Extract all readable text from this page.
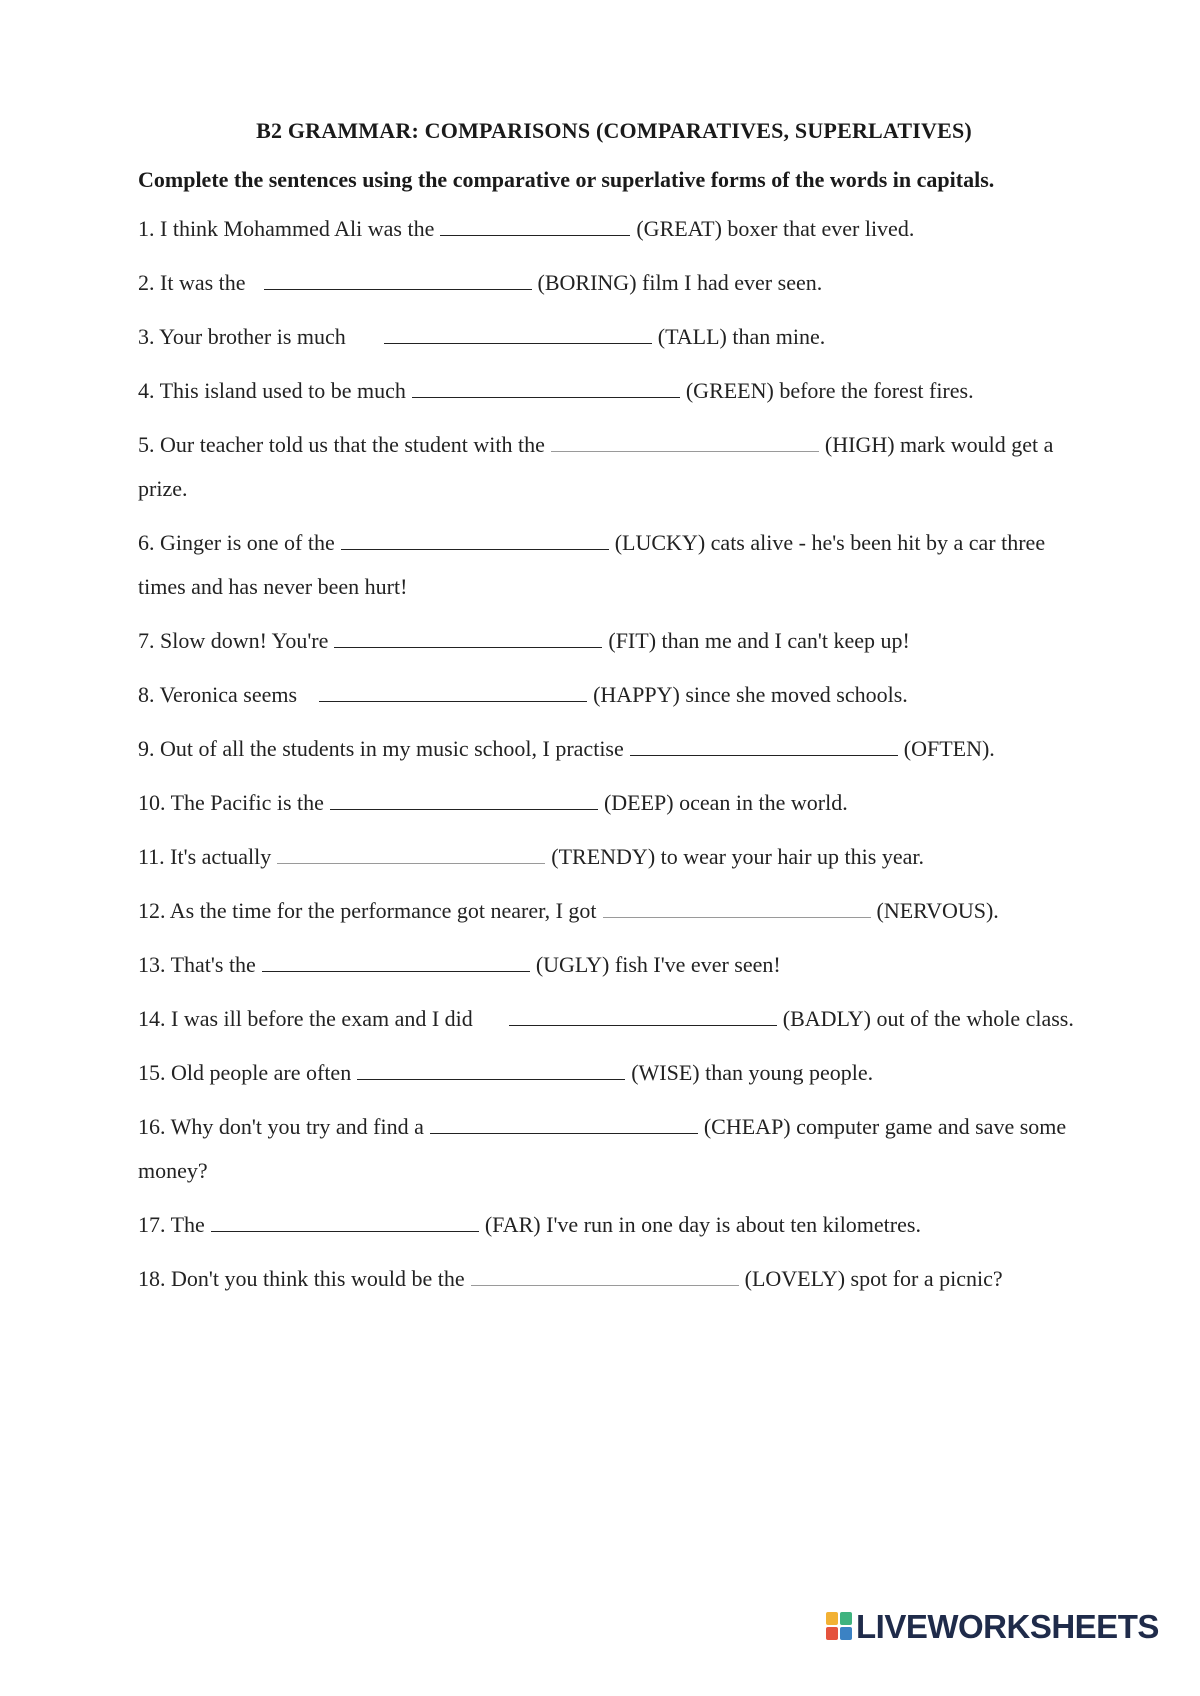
B2 GRAMMAR: COMPARISONS (COMPARATIVES, SUPERLATIVES)
Complete the sentences using the comparative or superlative forms of the words in capitals.
1. I think Mohammed Ali was the	(GREAT) boxer that ever lived.
2. It was the	(BORING) film I had ever seen.
3. Your brother is much	(TALL) than mine.
4. This island used to be much	(GREEN) before the forest fires.
5. Our teacher told us that the student with the	(HIGH) mark would get a prize.
6. Ginger is one of the	(LUCKY) cats alive - he's been hit by a car three times and has never been hurt!
7. Slow down! You're	(FIT) than me and I can't keep up!
8. Veronica seems	(HAPPY) since she moved schools.
9. Out of all the students in my music school, I practise	(OFTEN).
10. The Pacific is the	(DEEP) ocean in the world.
11. It's actually	(TRENDY) to wear your hair up this year.
12. As the time for the performance got nearer, I got	(NERVOUS).
13. That's the	(UGLY) fish I've ever seen!
14. I was ill before the exam and I did	(BADLY) out of the whole class.
15. Old people are often	(WISE) than young people.
16. Why don't you try and find a	(CHEAP) computer game and save some money?
17. The	(FAR) I've run in one day is about ten kilometres.
18. Don't you think this would be the	(LOVELY) spot for a picnic?
LIVEWORKSHEETS
